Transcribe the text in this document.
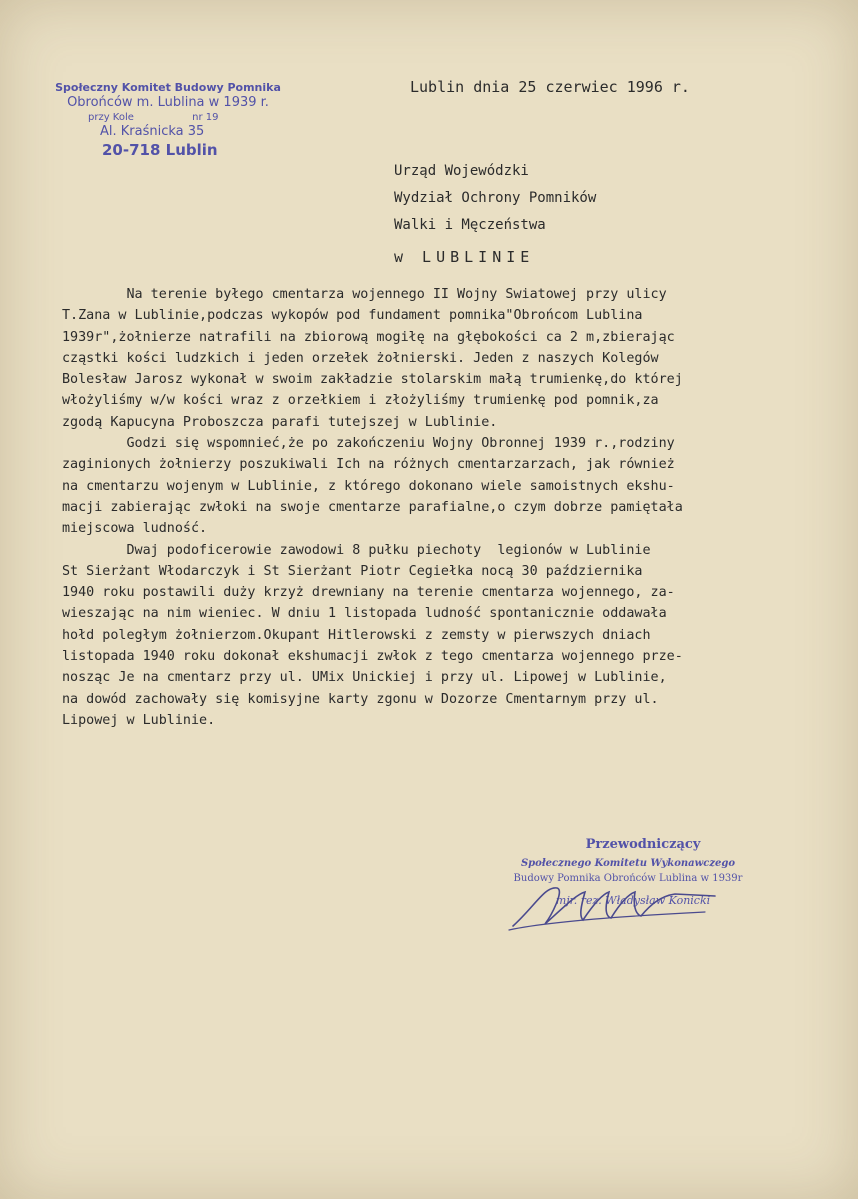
Społeczny Komitet Budowy Pomnika
Obrońców m. Lublina w 1939 r.
przy Kole	nr 19
Al. Kraśnicka 35
20-718 Lublin
Lublin dnia 25 czerwiec 1996 r.
Urząd Wojewódzki
Wydział Ochrony Pomników
Walki i Męczeństwa
w LUBLINIE
Na terenie byłego cmentarza wojennego II Wojny Swiatowej przy ulicy
T.Zana w Lublinie,podczas wykopów pod fundament pomnika"Obrońcom Lublina
1939r",żołnierze natrafili na zbiorową mogiłę na głębokości ca 2 m,zbierając
cząstki kości ludzkich i jeden orzełek żołnierski. Jeden z naszych Kolegów
Bolesław Jarosz wykonał w swoim zakładzie stolarskim małą trumienkę,do której
włożyliśmy w/w kości wraz z orzełkiem i złożyliśmy trumienkę pod pomnik,za
zgodą Kapucyna Proboszcza parafi tutejszej w Lublinie.
Godzi się wspomnieć,że po zakończeniu Wojny Obronnej 1939 r.,rodziny
zaginionych żołnierzy poszukiwali Ich na różnych cmentarzarzach, jak również
na cmentarzu wojenym w Lublinie, z którego dokonano wiele samoistnych ekshu-
macji zabierając zwłoki na swoje cmentarze parafialne,o czym dobrze pamiętała
miejscowa ludność.
Dwaj podoficerowie zawodowi 8 pułku piechoty  legionów w Lublinie
St Sierżant Włodarczyk i St Sierżant Piotr Cegiełka nocą 30 października
1940 roku postawili duży krzyż drewniany na terenie cmentarza wojennego, za-
wieszając na nim wieniec. W dniu 1 listopada ludność spontanicznie oddawała
hołd poległym żołnierzom.Okupant Hitlerowski z zemsty w pierwszych dniach
listopada 1940 roku dokonał ekshumacji zwłok z tego cmentarza wojennego prze-
nosząc Je na cmentarz przy ul. UMix Unickiej i przy ul. Lipowej w Lublinie,
na dowód zachowały się komisyjne karty zgonu w Dozorze Cmentarnym przy ul.
Lipowej w Lublinie.
Przewodniczący
Społecznego Komitetu Wykonawczego
Budowy Pomnika Obrońców Lublina w 1939r
mjr. rez. Władysław Konicki
